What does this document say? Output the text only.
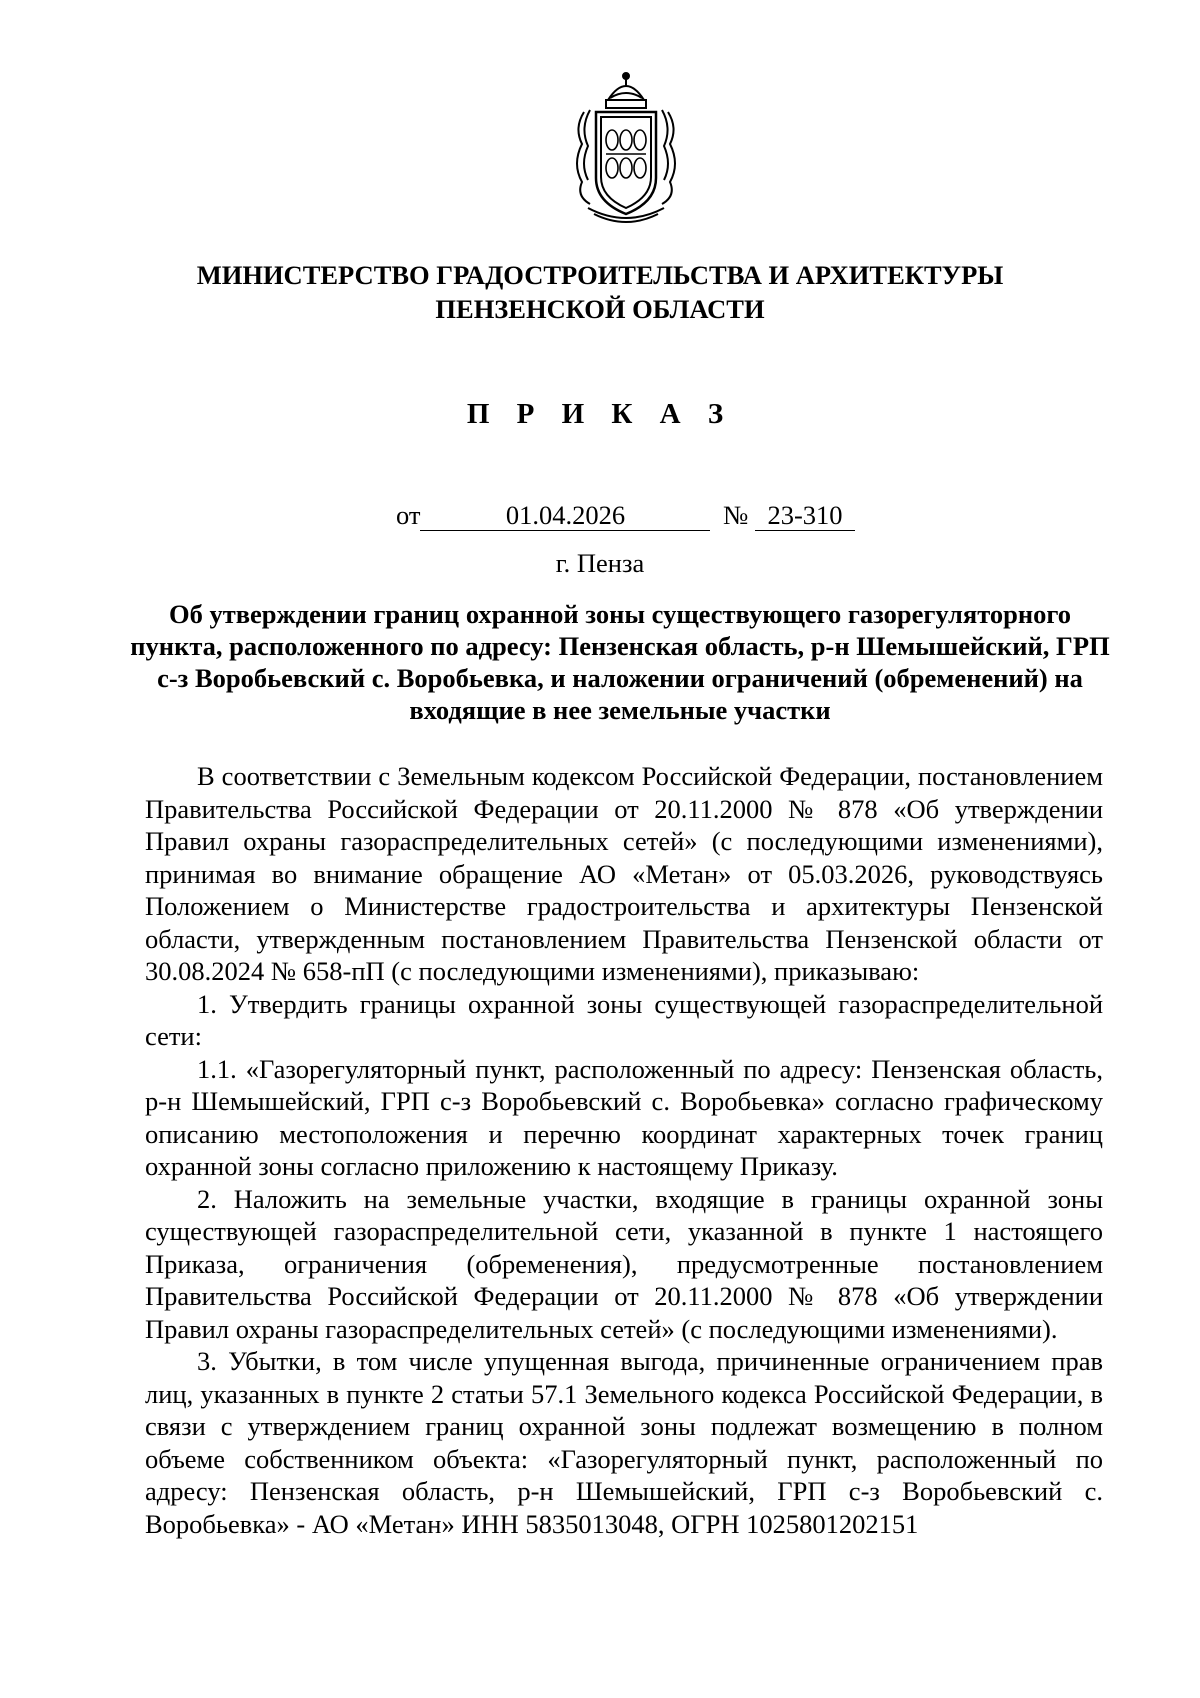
МИНИСТЕРСТВО ГРАДОСТРОИТЕЛЬСТВА И АРХИТЕКТУРЫ
ПЕНЗЕНСКОЙ ОБЛАСТИ
П Р И К А З
от	01.04.2026	№ 23-310
г. Пенза
Об утверждении границ охранной зоны существующего газорегуляторного пункта, расположенного по адресу: Пензенская область, р-н Шемышейский, ГРП с-з Воробьевский с. Воробьевка, и наложении ограничений (обременений) на входящие в нее земельные участки

В соответствии с Земельным кодексом Российской Федерации, постановлением Правительства Российской Федерации от 20.11.2000 № 878 «Об утверждении Правил охраны газораспределительных сетей» (с последующими изменениями), принимая во внимание обращение АО «Метан» от 05.03.2026, руководствуясь Положением о Министерстве градостроительства и архитектуры Пензенской области, утвержденным постановлением Правительства Пензенской области от 30.08.2024 № 658-пП (с последующими изменениями), приказываю:

1. Утвердить границы охранной зоны существующей газораспределительной сети:

1.1. «Газорегуляторный пункт, расположенный по адресу: Пензенская область, р-н Шемышейский, ГРП с-з Воробьевский с. Воробьевка» согласно графическому описанию местоположения и перечню координат характерных точек границ охранной зоны согласно приложению к настоящему Приказу.

2. Наложить на земельные участки, входящие в границы охранной зоны существующей газораспределительной сети, указанной в пункте 1 настоящего Приказа, ограничения (обременения), предусмотренные постановлением Правительства Российской Федерации от 20.11.2000 № 878 «Об утверждении Правил охраны газораспределительных сетей» (с последующими изменениями).

3. Убытки, в том числе упущенная выгода, причиненные ограничением прав лиц, указанных в пункте 2 статьи 57.1 Земельного кодекса Российской Федерации, в связи с утверждением границ охранной зоны подлежат возмещению в полном объеме собственником объекта: «Газорегуляторный пункт, расположенный по адресу: Пензенская область, р-н Шемышейский, ГРП с-з Воробьевский с. Воробьевка» - АО «Метан» ИНН 5835013048, ОГРН 1025801202151
